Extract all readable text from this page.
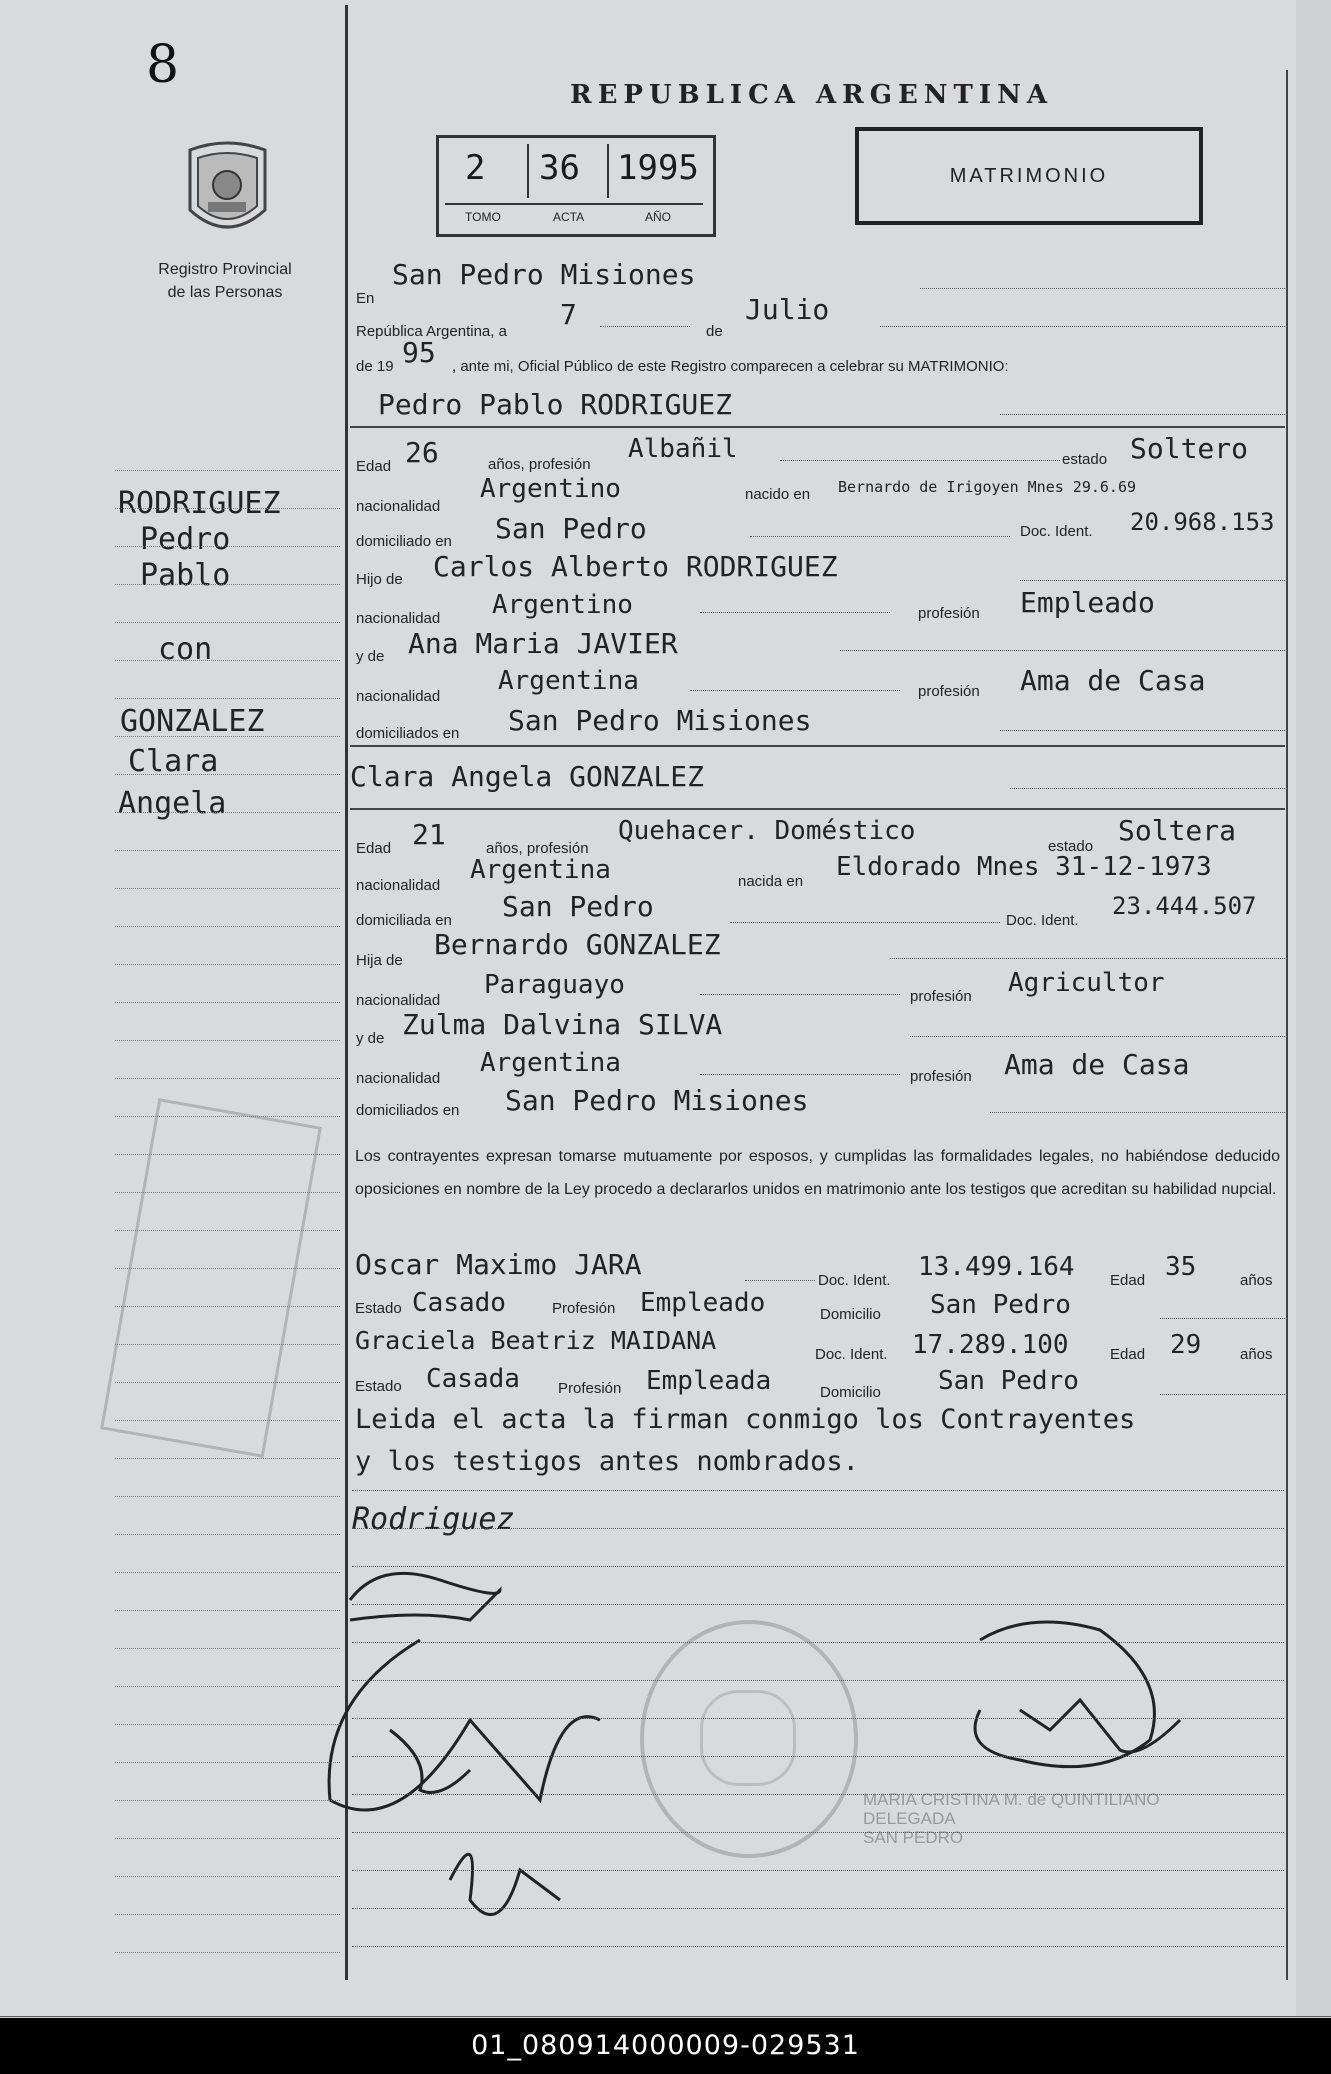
8
Registro Provincial
de las Personas
REPUBLICA ARGENTINA
2 36 1995
TOMO	ACTA	AÑO
MATRIMONIO
En
San Pedro Misiones
República Argentina, a
7
de
Julio
de 19 95 , ante mi, Oficial Público de este Registro comparecen a celebrar su MATRIMONIO:
Pedro Pablo RODRIGUEZ
Edad 26	años, profesión
Albañil	estado Soltero
nacionalidad
Argentino	nacido en Bernardo de Irigoyen Mnes 29.6.69
domiciliado en San Pedro	Doc. Ident. 20.968.153
Hijo de Carlos Alberto RODRIGUEZ
nacionalidad Argentino	profesión Empleado
y de Ana Maria JAVIER
nacionalidad
Argentina	profesión Ama de Casa
domiciliados en San Pedro Misiones
Clara Angela GONZALEZ
Edad 21	años, profesión
Quehacer. Doméstico
estado Soltera
nacionalidad
Argentina	nacida en Eldorado Mnes 31-12-1973
domiciliada en San Pedro	Doc. Ident.
23.444.507
Hija de Bernardo GONZALEZ
nacionalidad
Paraguayo	profesión Agricultor
y de Zulma Dalvina SILVA
nacionalidad
Argentina	profesión Ama de Casa
domiciliados en San Pedro Misiones
Los contrayentes expresan tomarse mutuamente por esposos, y cumplidas las formalidades legales, no habiéndose deducido oposiciones en nombre de la Ley procedo a declararlos unidos en matrimonio ante los testigos que acreditan su habilidad nupcial.
Oscar Maximo JARA	Doc. Ident. 13.499.164 Edad 35	años
Estado Casado	Profesión Empleado	Domicilio San Pedro
Graciela Beatriz MAIDANA	Doc. Ident. 17.289.100	Edad 29	años
Estado Casada	Profesión Empleada	Domicilio San Pedro
Leida el acta la firman conmigo los Contrayentes
y los testigos antes nombrados.
Rodriguez
RODRIGUEZ
Pedro
Pablo
con
GONZALEZ
Clara
Angela
MARIA CRISTINA M. de QUINTILIANO
DELEGADA
SAN PEDRO
01_080914000009-029531
